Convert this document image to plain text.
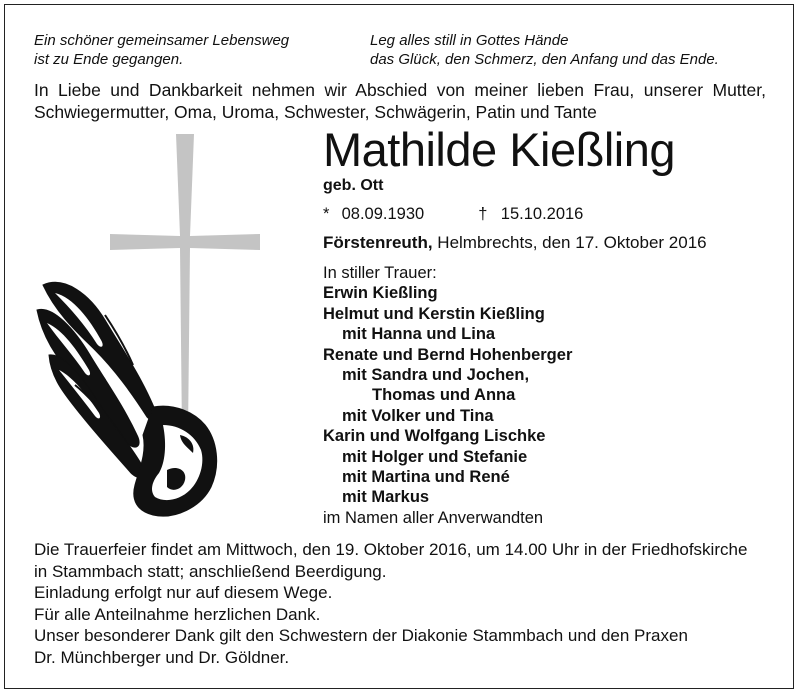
Ein schöner gemeinsamer Lebensweg
ist zu Ende gegangen.
Leg alles still in Gottes Hände
das Glück, den Schmerz, den Anfang und das Ende.
In Liebe und Dankbarkeit nehmen wir Abschied von meiner lieben Frau, unserer Mutter, Schwiegermutter, Oma, Uroma, Schwester, Schwägerin, Patin und Tante
Mathilde Kießling
geb. Ott
* 08.09.1930	† 15.10.2016
Förstenreuth, Helmbrechts, den 17. Oktober 2016
In stiller Trauer:
Erwin Kießling
Helmut und Kerstin Kießling
mit Hanna und Lina
Renate und Bernd Hohenberger
mit Sandra und Jochen,
Thomas und Anna
mit Volker und Tina
Karin und Wolfgang Lischke
mit Holger und Stefanie
mit Martina und René
mit Markus
im Namen aller Anverwandten
Die Trauerfeier findet am Mittwoch, den 19. Oktober 2016, um 14.00 Uhr in der Friedhofskirche
in Stammbach statt; anschließend Beerdigung.
Einladung erfolgt nur auf diesem Wege.
Für alle Anteilnahme herzlichen Dank.
Unser besonderer Dank gilt den Schwestern der Diakonie Stammbach und den Praxen
Dr. Münchberger und Dr. Göldner.
